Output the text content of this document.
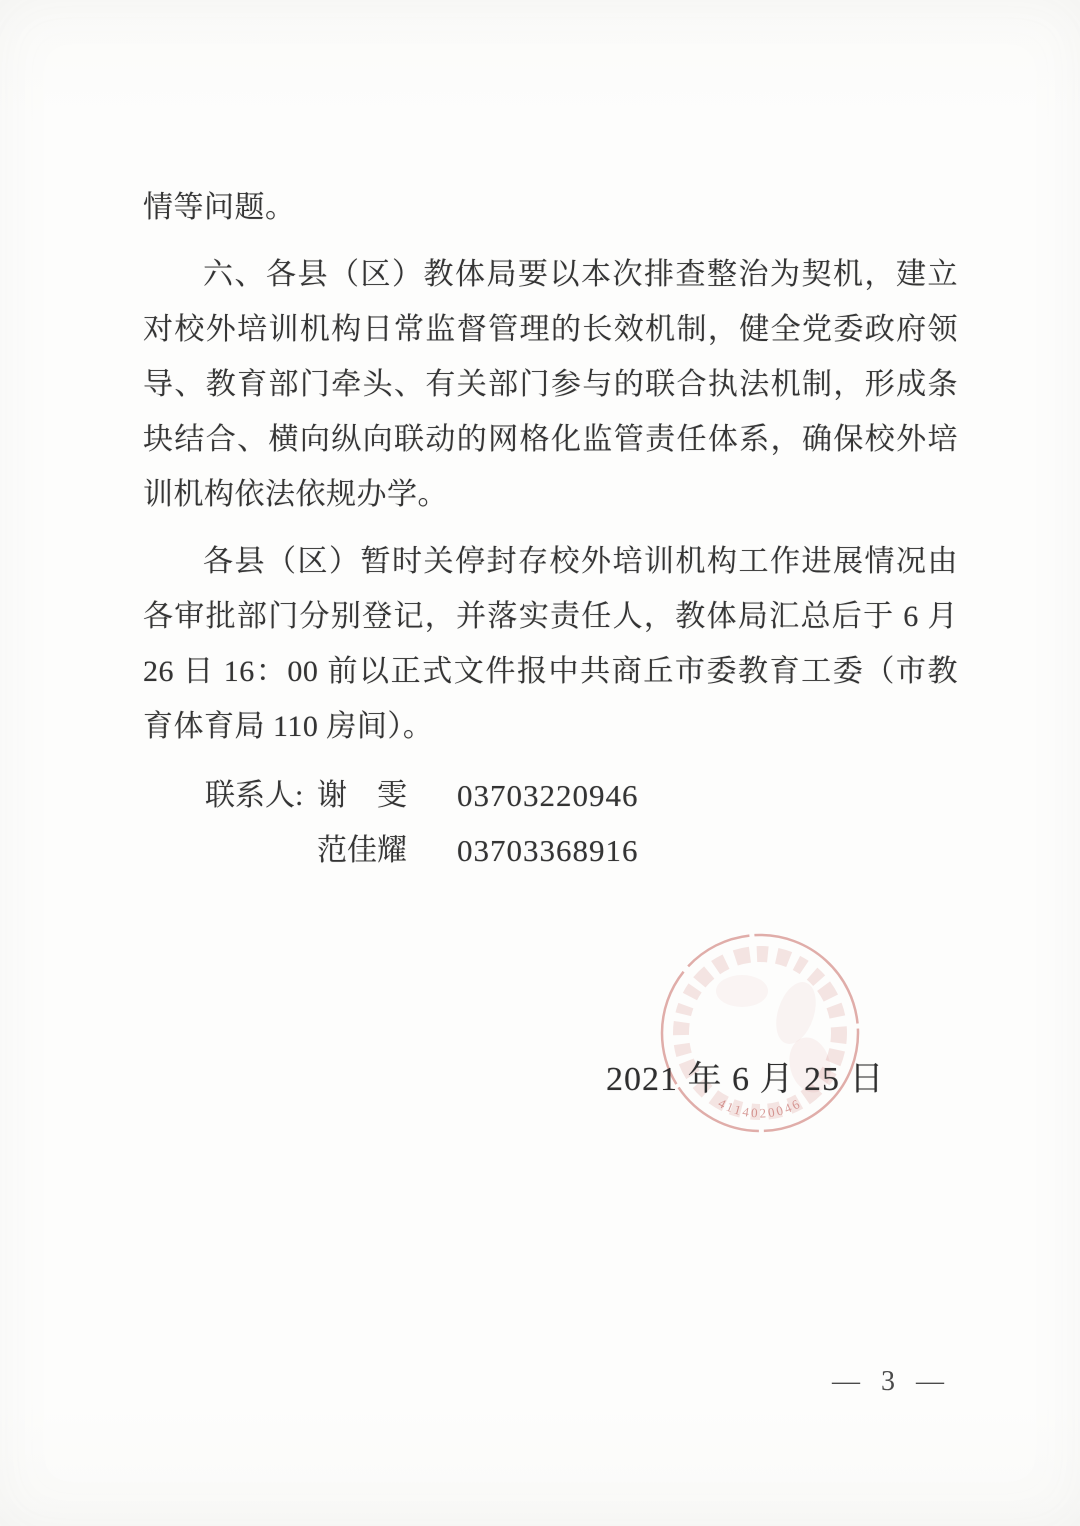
情等问题。

六、各县（区）教体局要以本次排查整治为契机，建立对校外培训机构日常监督管理的长效机制，健全党委政府领导、教育部门牵头、有关部门参与的联合执法机制，形成条块结合、横向纵向联动的网格化监管责任体系，确保校外培训机构依法依规办学。

各县（区）暂时关停封存校外培训机构工作进展情况由各审批部门分别登记，并落实责任人，教体局汇总后于 6 月 26 日 16：00 前以正式文件报中共商丘市委教育工委（市教育体育局 110 房间）。

联系人: 谢　雯	03703220946
范佳耀	03703368916
4114020046
2021 年 6 月 25 日
— 3 —
